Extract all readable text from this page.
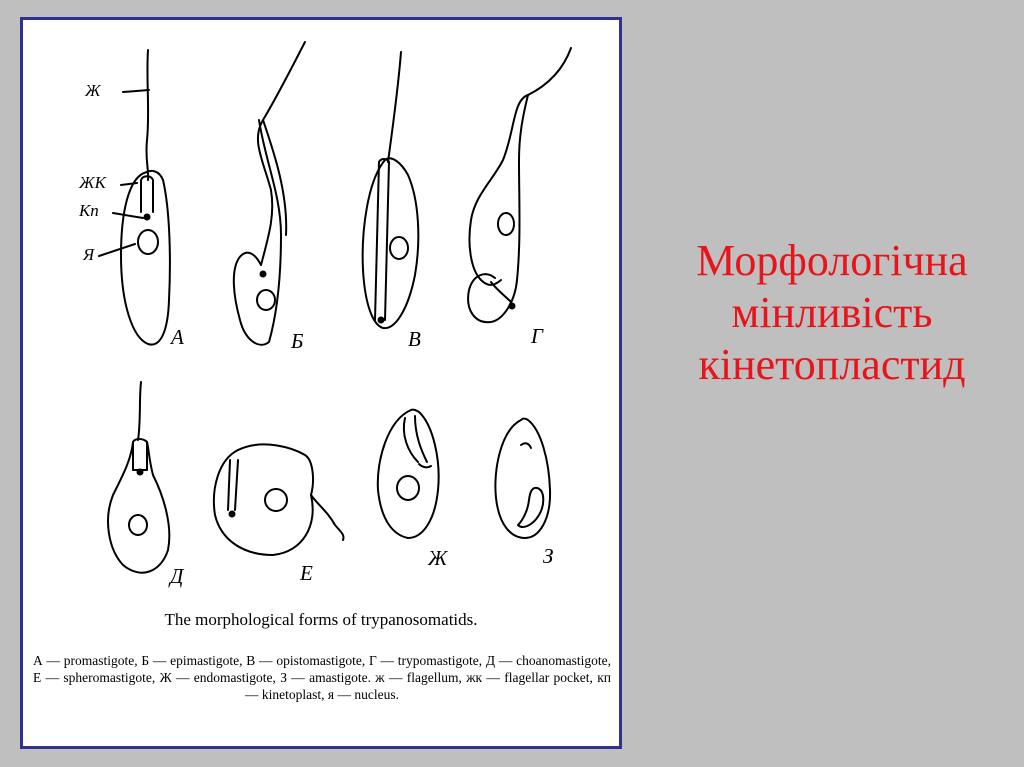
Ж
ЖК
Кп
Я
А	Б	В	Г
Д	Е
Ж	З
The morphological forms of trypanosomatids.
А — promastigote, Б — epimastigote, В — opistomastigote, Г — trypomastigote, Д — choanomastigote, Е — spheromastigote, Ж — endomastigote, З — amastigote. ж — flagellum, жк — flagellar pocket, кп — kinetoplast, я — nucleus.
Морфологічна
мінливість
кінетопластид
